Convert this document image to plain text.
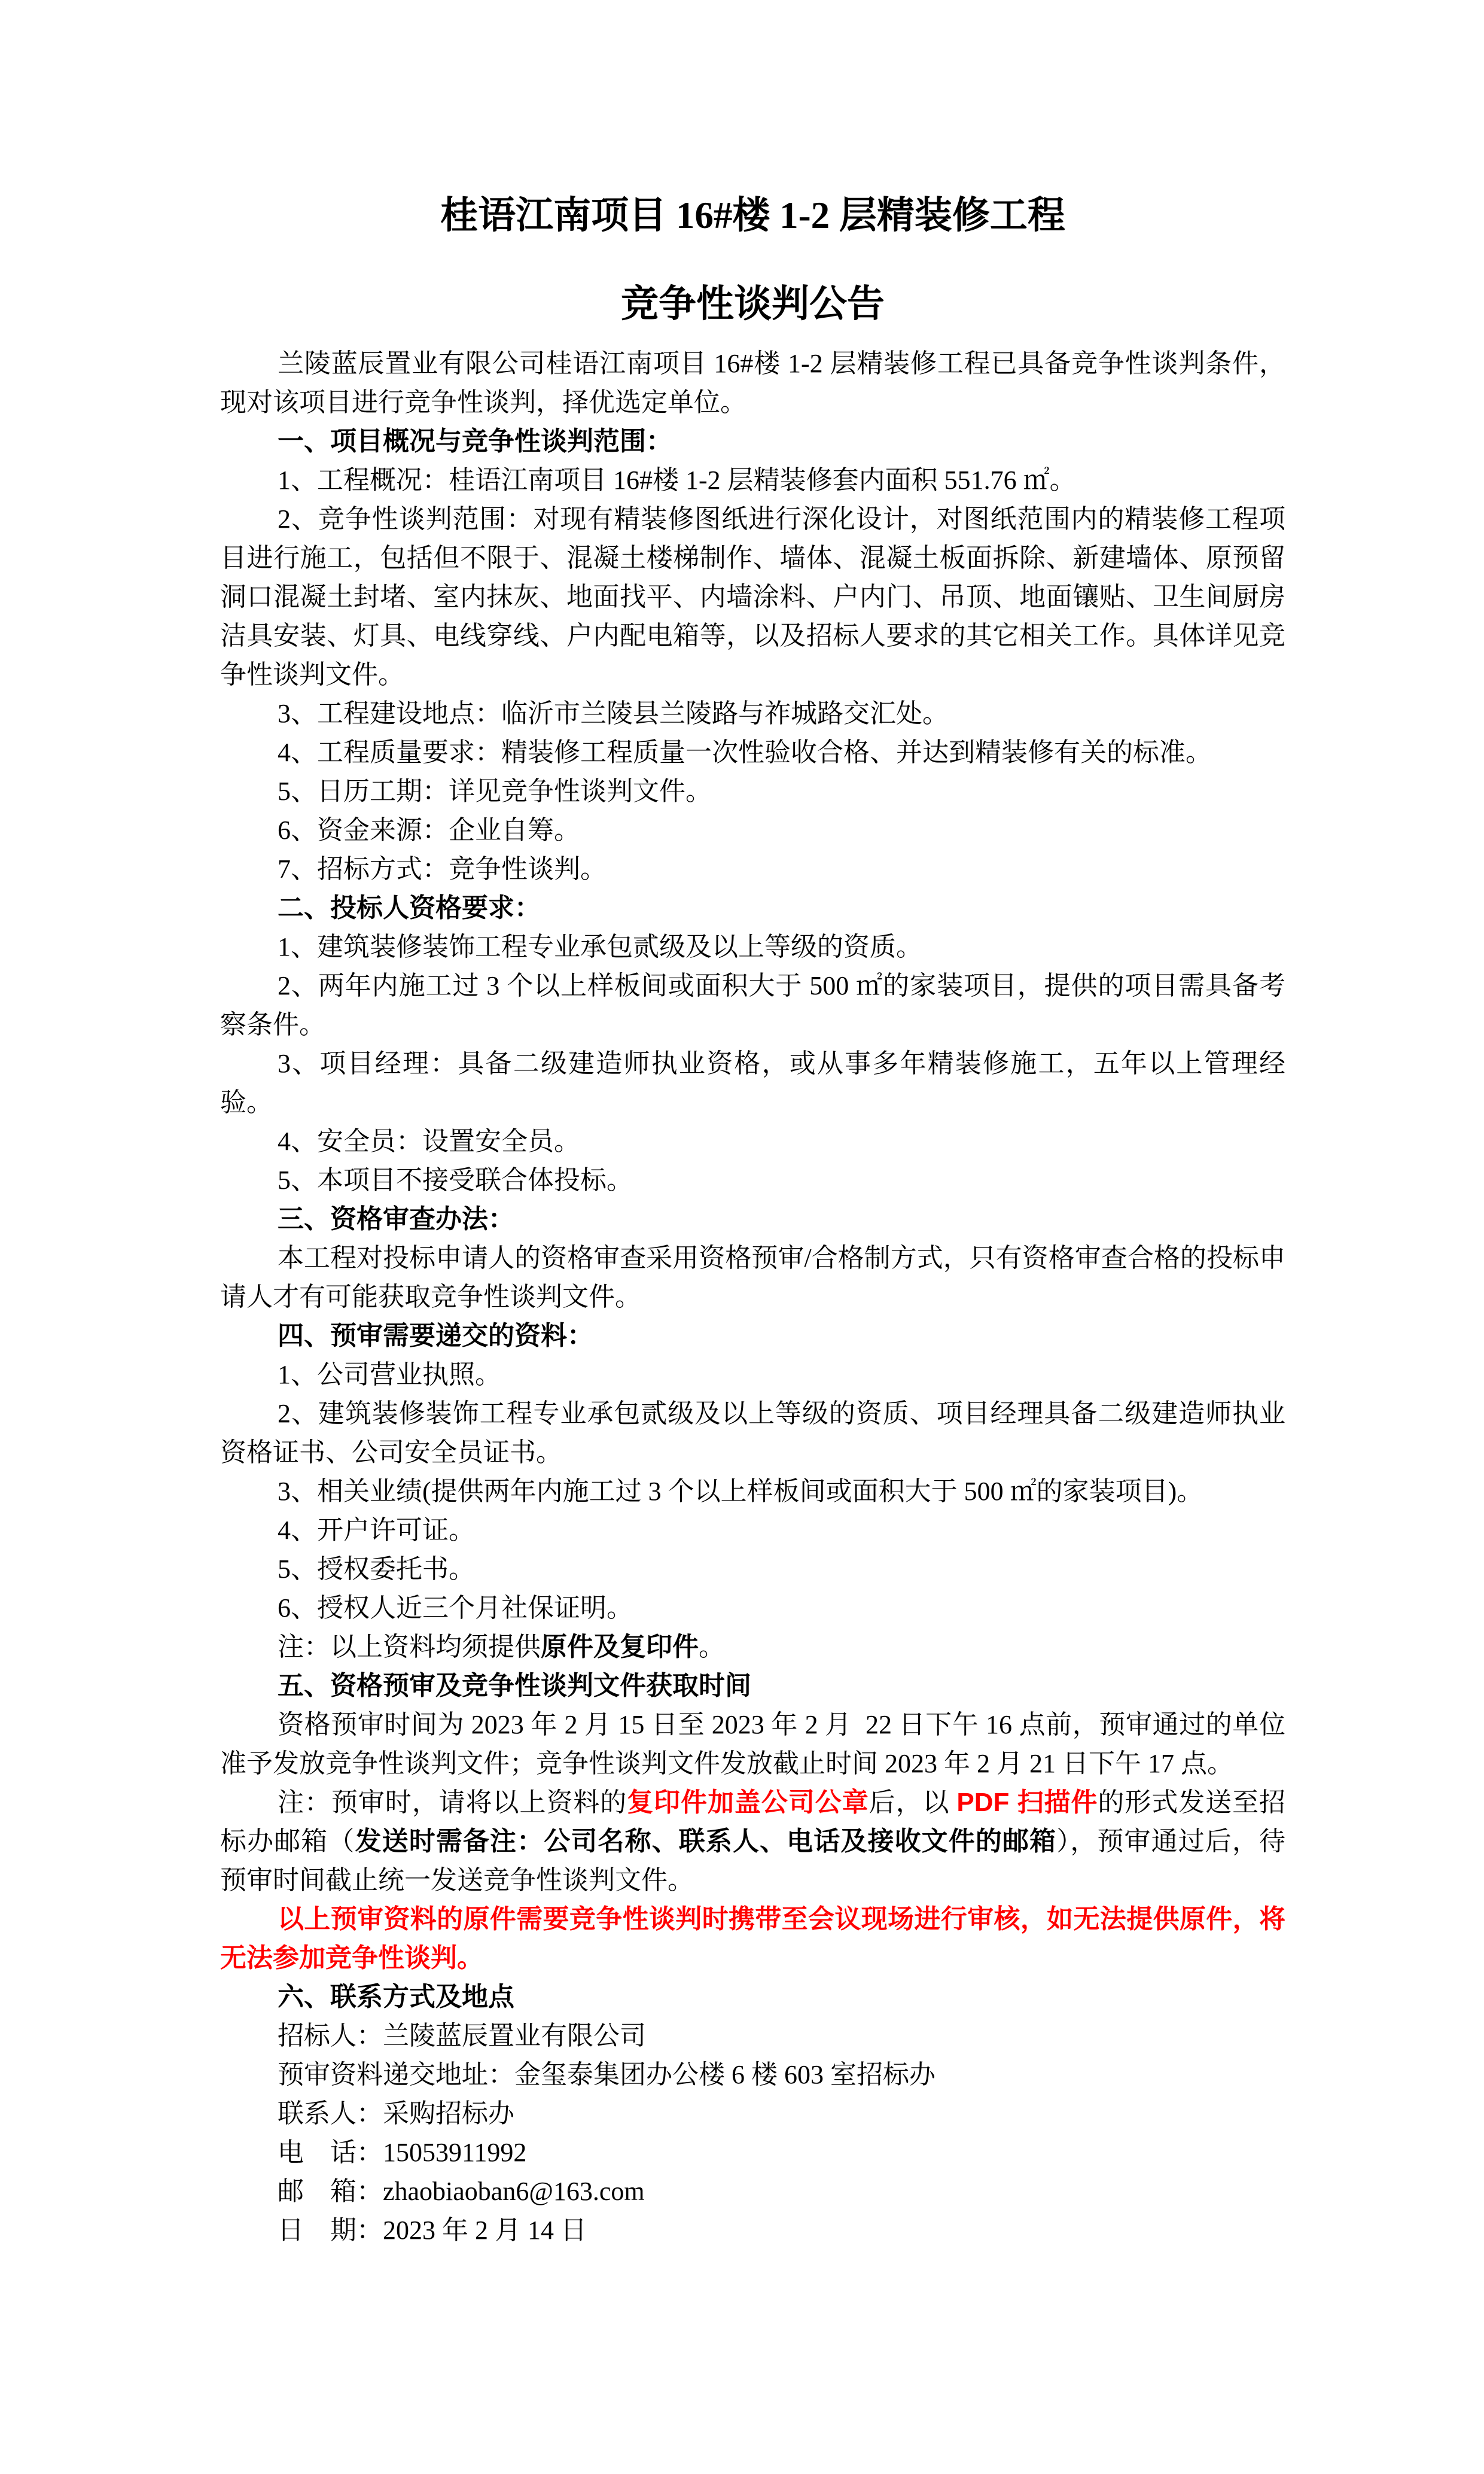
桂语江南项目 16#楼 1-2 层精装修工程
竞争性谈判公告

兰陵蓝辰置业有限公司桂语江南项目 16#楼 1-2 层精装修工程已具备竞争性谈判条件，现对该项目进行竞争性谈判，择优选定单位。

一、项目概况与竞争性谈判范围：

1、工程概况：桂语江南项目 16#楼 1-2 层精装修套内面积 551.76 ㎡。

2、竞争性谈判范围：对现有精装修图纸进行深化设计，对图纸范围内的精装修工程项目进行施工，包括但不限于、混凝土楼梯制作、墙体、混凝土板面拆除、新建墙体、原预留洞口混凝土封堵、室内抹灰、地面找平、内墙涂料、户内门、吊顶、地面镶贴、卫生间厨房洁具安装、灯具、电线穿线、户内配电箱等，以及招标人要求的其它相关工作。具体详见竞争性谈判文件。

3、工程建设地点：临沂市兰陵县兰陵路与祚城路交汇处。

4、工程质量要求：精装修工程质量一次性验收合格、并达到精装修有关的标准。

5、日历工期：详见竞争性谈判文件。

6、资金来源：企业自筹。

7、招标方式：竞争性谈判。

二、投标人资格要求：

1、建筑装修装饰工程专业承包贰级及以上等级的资质。

2、两年内施工过 3 个以上样板间或面积大于 500 ㎡的家装项目，提供的项目需具备考察条件。

3、项目经理：具备二级建造师执业资格，或从事多年精装修施工，五年以上管理经验。

4、安全员：设置安全员。

5、本项目不接受联合体投标。

三、资格审查办法：

本工程对投标申请人的资格审查采用资格预审/合格制方式，只有资格审查合格的投标申请人才有可能获取竞争性谈判文件。

四、预审需要递交的资料：

1、公司营业执照。

2、建筑装修装饰工程专业承包贰级及以上等级的资质、项目经理具备二级建造师执业资格证书、公司安全员证书。

3、相关业绩(提供两年内施工过 3 个以上样板间或面积大于 500 ㎡的家装项目)。

4、开户许可证。

5、授权委托书。

6、授权人近三个月社保证明。

注：以上资料均须提供原件及复印件。

五、资格预审及竞争性谈判文件获取时间

资格预审时间为 2023 年 2 月 15 日至 2023 年 2 月  22 日下午 16 点前，预审通过的单位准予发放竞争性谈判文件；竞争性谈判文件发放截止时间 2023 年 2 月 21 日下午 17 点。

注：预审时，请将以上资料的复印件加盖公司公章后，以 PDF 扫描件的形式发送至招标办邮箱（发送时需备注：公司名称、联系人、电话及接收文件的邮箱），预审通过后，待预审时间截止统一发送竞争性谈判文件。

以上预审资料的原件需要竞争性谈判时携带至会议现场进行审核，如无法提供原件，将无法参加竞争性谈判。

六、联系方式及地点

招标人：兰陵蓝辰置业有限公司

预审资料递交地址：金玺泰集团办公楼 6 楼 603 室招标办

联系人：采购招标办

电　话：15053911992

邮　箱：zhaobiaoban6@163.com

日　期：2023 年 2 月 14 日
